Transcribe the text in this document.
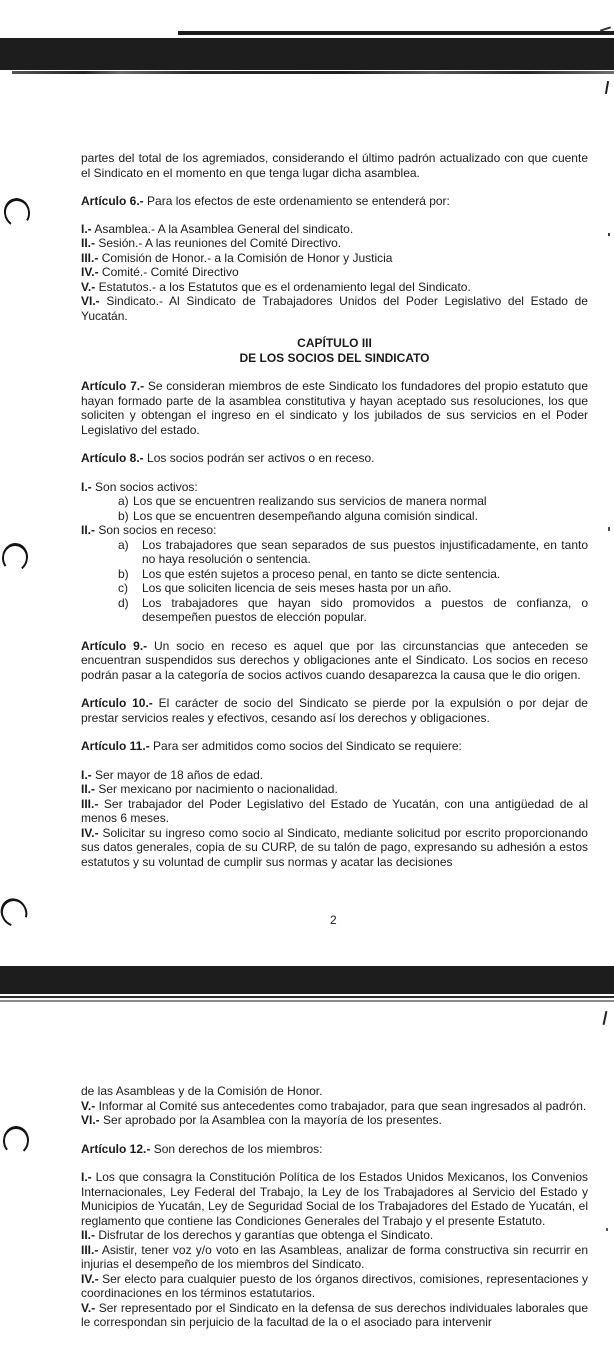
partes del total de los agremiados, considerando el último padrón actualizado con que cuente el Sindicato en el momento en que tenga lugar dicha asamblea.

Artículo 6.- Para los efectos de este ordenamiento se entenderá por:

I.- Asamblea.- A la Asamblea General del sindicato.

II.- Sesión.- A las reuniones del Comité Directivo.

III.- Comisión de Honor.- a la Comisión de Honor y Justicia

IV.- Comité.- Comité Directivo

V.- Estatutos.- a los Estatutos que es el ordenamiento legal del Sindicato.

VI.- Sindicato.- Al Sindicato de Trabajadores Unidos del Poder Legislativo del Estado de Yucatán.

CAPÍTULO III
DE LOS SOCIOS DEL SINDICATO

Artículo 7.- Se consideran miembros de este Sindicato los fundadores del propio estatuto que hayan formado parte de la asamblea constitutiva y hayan aceptado sus resoluciones, los que soliciten y obtengan el ingreso en el sindicato y los jubilados de sus servicios en el Poder Legislativo del estado.

Artículo 8.- Los socios podrán ser activos o en receso.

I.- Son socios activos:

a) Los que se encuentren realizando sus servicios de manera normal
b) Los que se encuentren desempeñando alguna comisión sindical.

II.- Son socios en receso:

a)	Los trabajadores que sean separados de sus puestos injustificadamente, en tanto no haya resolución o sentencia.
b)	Los que estén sujetos a proceso penal, en tanto se dicte sentencia.
c)	Los que soliciten licencia de seis meses hasta por un año.
d)	Los trabajadores que hayan sido promovidos a puestos de confianza, o desempeñen puestos de elección popular.

Artículo 9.- Un socio en receso es aquel que por las circunstancias que anteceden se encuentran suspendidos sus derechos y obligaciones ante el Sindicato. Los socios en receso podrán pasar a la categoría de socios activos cuando desaparezca la causa que le dio origen.

Artículo 10.- El carácter de socio del Sindicato se pierde por la expulsión o por dejar de prestar servicios reales y efectivos, cesando así los derechos y obligaciones.

Artículo 11.- Para ser admitidos como socios del Sindicato se requiere:

I.- Ser mayor de 18 años de edad.

II.- Ser mexicano por nacimiento o nacionalidad.

III.- Ser trabajador del Poder Legislativo del Estado de Yucatán, con una antigüedad de al menos 6 meses.

IV.- Solicitar su ingreso como socio al Sindicato, mediante solicitud por escrito proporcionando sus datos generales, copia de su CURP, de su talón de pago, expresando su adhesión a estos estatutos y su voluntad de cumplir sus normas y acatar las decisiones

2

de las Asambleas y de la Comisión de Honor.

V.- Informar al Comité sus antecedentes como trabajador, para que sean ingresados al padrón.

VI.- Ser aprobado por la Asamblea con la mayoría de los presentes.

Artículo 12.- Son derechos de los miembros:

I.- Los que consagra la Constitución Política de los Estados Unidos Mexicanos, los Convenios Internacionales, Ley Federal del Trabajo, la Ley de los Trabajadores al Servicio del Estado y Municipios de Yucatán, Ley de Seguridad Social de los Trabajadores del Estado de Yucatán, el reglamento que contiene las Condiciones Generales del Trabajo y el presente Estatuto.

II.- Disfrutar de los derechos y garantías que obtenga el Sindicato.

III.- Asistir, tener voz y/o voto en las Asambleas, analizar de forma constructiva sin recurrir en injurias el desempeño de los miembros del Sindicato.

IV.- Ser electo para cualquier puesto de los órganos directivos, comisiones, representaciones y coordinaciones en los términos estatutarios.

V.- Ser representado por el Sindicato en la defensa de sus derechos individuales laborales que le correspondan sin perjuicio de la facultad de la o el asociado para intervenir
